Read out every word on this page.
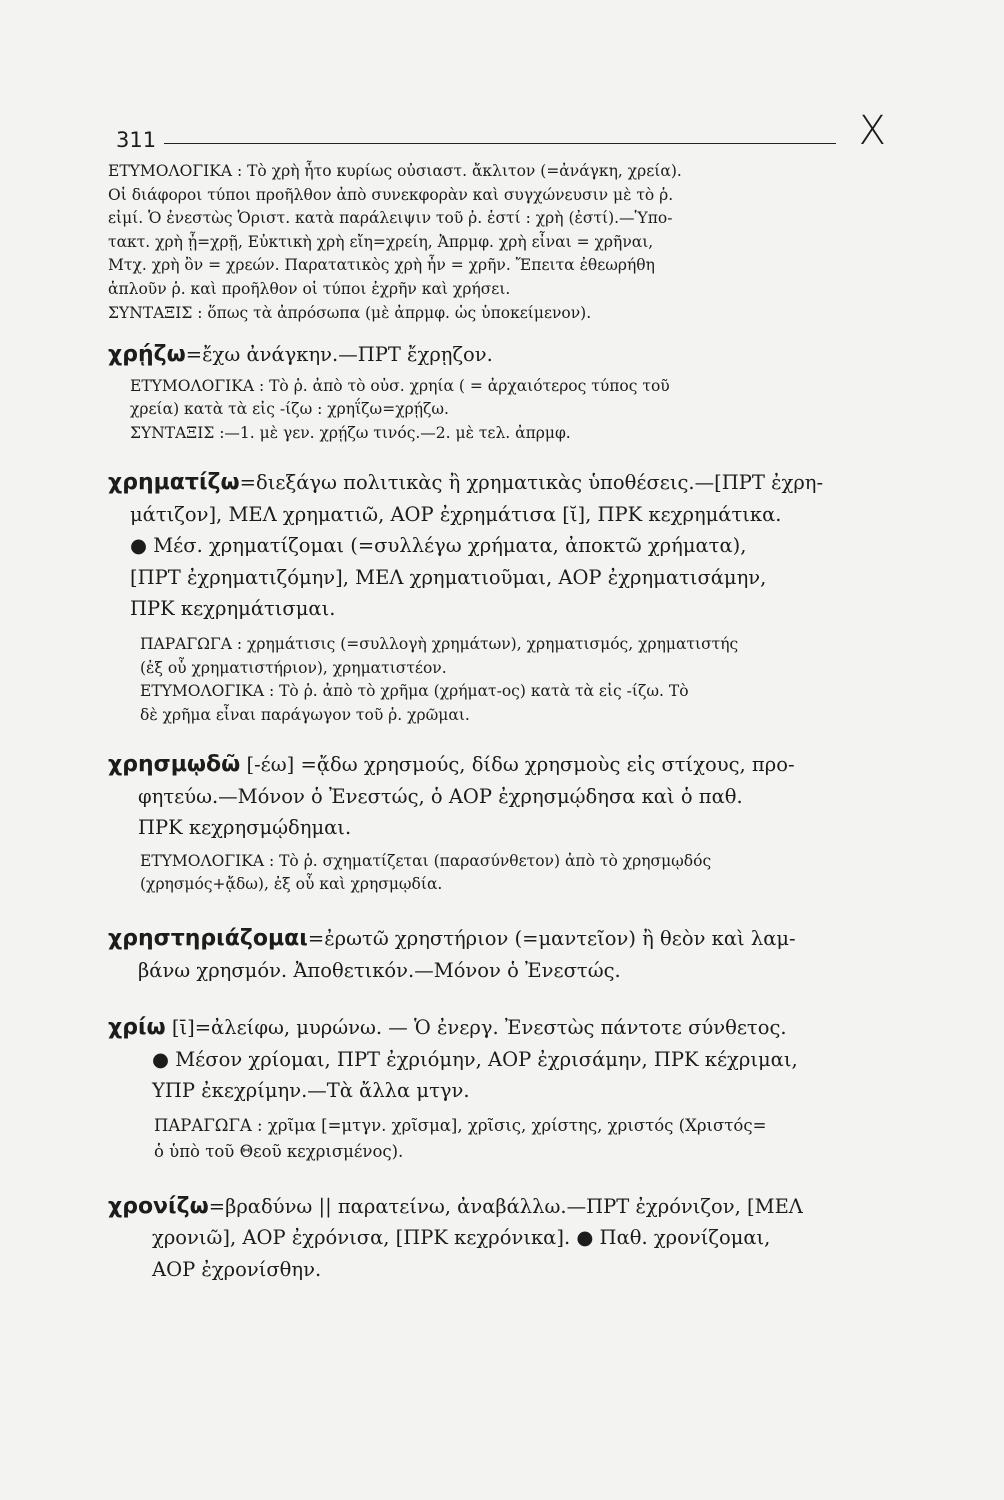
311	X

ΕΤΥΜΟΛΟΓΙΚΑ : Τὸ χρὴ ἦτο κυρίως οὐσιαστ. ἄκλιτον (=ἀνάγκη, χρεία).

Οἱ διάφοροι τύποι προῆλθον ἀπὸ συνεκφορὰν καὶ συγχώνευσιν μὲ τὸ ῥ.

εἰμί. Ὁ ἐνεστὼς Ὁριστ. κατὰ παράλειψιν τοῦ ῥ. ἐστί : χρὴ (ἐστί).—Ὑπο-

τακτ. χρὴ ᾖ=χρῇ, Εὐκτικὴ χρὴ εἴη=χρείη, Ἀπρμφ. χρὴ εἶναι = χρῆναι,

Μτχ. χρὴ ὂν = χρεών. Παρατατικὸς χρὴ ἦν = χρῆν. Ἔπειτα ἐθεωρήθη

ἁπλοῦν ῥ. καὶ προῆλθον οἱ τύποι ἐχρῆν καὶ χρήσει.

ΣΥΝΤΑΞΙΣ : ὅπως τὰ ἀπρόσωπα (μὲ ἀπρμφ. ὡς ὑποκείμενον).

χρῄζω=ἔχω ἀνάγκην.—ΠΡΤ ἔχρῃζον.

ΕΤΥΜΟΛΟΓΙΚΑ : Τὸ ῥ. ἀπὸ τὸ οὐσ. χρηία ( = ἀρχαιότερος τύπος τοῦ

χρεία) κατὰ τὰ εἰς -ίζω : χρηΐζω=χρῄζω.

ΣΥΝΤΑΞΙΣ :—1. μὲ γεν. χρῄζω τινός.—2. μὲ τελ. ἀπρμφ.

χρηματίζω=διεξάγω πολιτικὰς ἢ χρηματικὰς ὑποθέσεις.—[ΠΡΤ ἐχρη-

μάτιζον], ΜΕΛ χρηματιῶ, ΑΟΡ ἐχρημάτισα [ῐ], ΠΡΚ κεχρημάτικα.

● Μέσ. χρηματίζομαι (=συλλέγω χρήματα, ἀποκτῶ χρήματα),

[ΠΡΤ ἐχρηματιζόμην], ΜΕΛ χρηματιοῦμαι, ΑΟΡ ἐχρηματισάμην,

ΠΡΚ κεχρημάτισμαι.

ΠΑΡΑΓΩΓΑ : χρημάτισις (=συλλογὴ χρημάτων), χρηματισμός, χρηματιστής

(ἐξ οὗ χρηματιστήριον), χρηματιστέον.

ΕΤΥΜΟΛΟΓΙΚΑ : Τὸ ῥ. ἀπὸ τὸ χρῆμα (χρήματ-ος) κατὰ τὰ εἰς -ίζω. Τὸ

δὲ χρῆμα εἶναι παράγωγον τοῦ ῥ. χρῶμαι.

χρησμῳδῶ [-έω] =ᾄδω χρησμούς, δίδω χρησμοὺς εἰς στίχους, προ-

φητεύω.—Μόνον ὁ Ἐνεστώς, ὁ ΑΟΡ ἐχρησμῴδησα καὶ ὁ παθ.

ΠΡΚ κεχρησμῴδημαι.

ΕΤΥΜΟΛΟΓΙΚΑ : Τὸ ῥ. σχηματίζεται (παρασύνθετον) ἀπὸ τὸ χρησμῳδός

(χρησμός+ᾄδω), ἐξ οὗ καὶ χρησμῳδία.

χρηστηριάζομαι=ἐρωτῶ χρηστήριον (=μαντεῖον) ἢ θεὸν καὶ λαμ-

βάνω χρησμόν. Ἀποθετικόν.—Μόνον ὁ Ἐνεστώς.

χρίω [ῑ]=ἀλείφω, μυρώνω. — Ὁ ἐνεργ. Ἐνεστὼς πάντοτε σύνθετος.

● Μέσον χρίομαι, ΠΡΤ ἐχριόμην, ΑΟΡ ἐχρισάμην, ΠΡΚ κέχριμαι,

ΥΠΡ ἐκεχρίμην.—Τὰ ἄλλα μτγν.

ΠΑΡΑΓΩΓΑ : χρῖμα [=μτγν. χρῖσμα], χρῖσις, χρίστης, χριστός (Χριστός=

ὁ ὑπὸ τοῦ Θεοῦ κεχρισμένος).

χρονίζω=βραδύνω || παρατείνω, ἀναβάλλω.—ΠΡΤ ἐχρόνιζον, [ΜΕΛ

χρονιῶ], ΑΟΡ ἐχρόνισα, [ΠΡΚ κεχρόνικα]. ● Παθ. χρονίζομαι,

ΑΟΡ ἐχρονίσθην.
